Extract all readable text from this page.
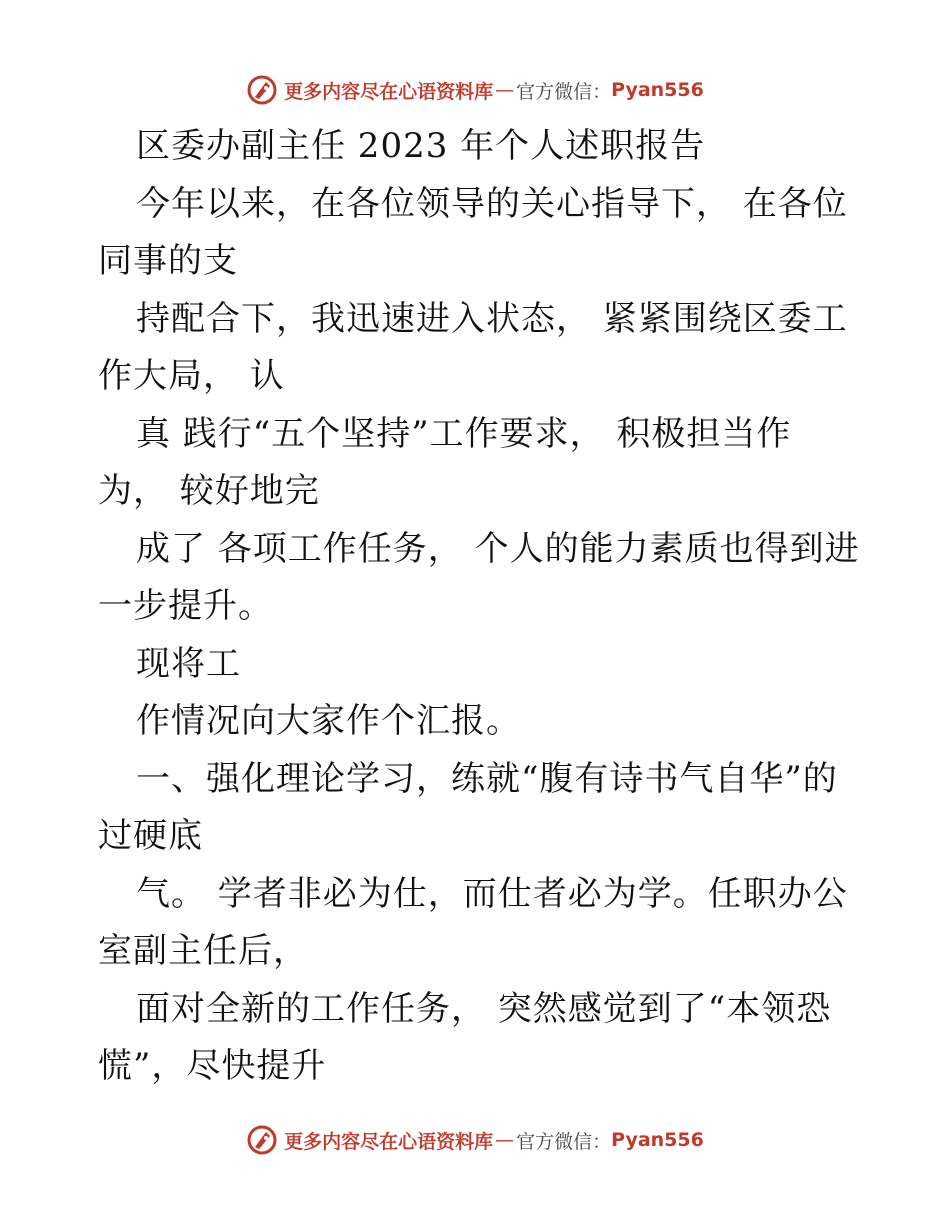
更多内容尽在心语资料库 — 官方微信： Pyan556
区委办副主任 2023 年个人述职报告
今年以来，在各位领导的关心指导下， 在各位
同事的支
持配合下，我迅速进入状态， 紧紧围绕区委工
作大局， 认
真 践行“五个坚持”工作要求， 积极担当作
为， 较好地完
成了 各项工作任务， 个人的能力素质也得到进
一步提升。
现将工
作情况向大家作个汇报。
一、强化理论学习，练就“腹有诗书气自华”的
过硬底
气。 学者非必为仕，而仕者必为学。任职办公
室副主任后，
面对全新的工作任务， 突然感觉到了“本领恐
慌”，尽快提升
更多内容尽在心语资料库 — 官方微信： Pyan556
